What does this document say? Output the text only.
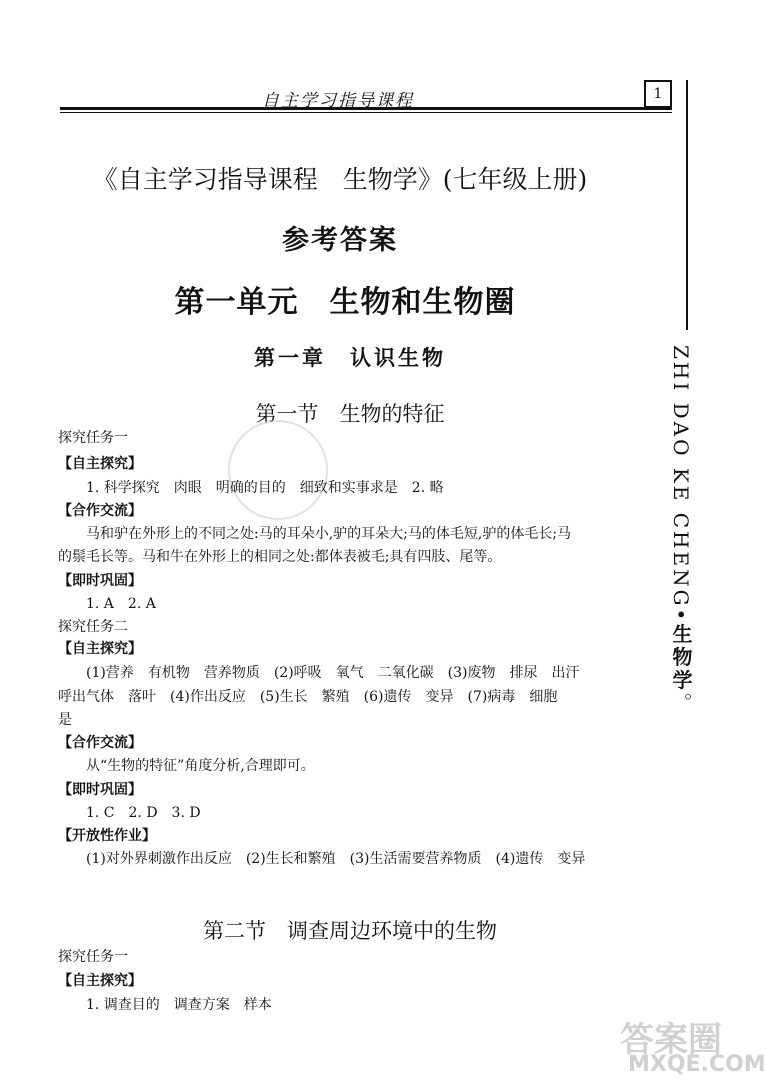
自主学习指导课程	1
《自主学习指导课程　生物学》(七年级上册)
参考答案
第一单元　生物和生物圈
第一章　认识生物
第一节　生物的特征
探究任务一
【自主探究】
1. 科学探究　肉眼　明确的目的　细致和实事求是　2. 略
【合作交流】
马和驴在外形上的不同之处:马的耳朵小,驴的耳朵大;马的体毛短,驴的体毛长;马
的鬃毛长等。马和牛在外形上的相同之处:都体表被毛;具有四肢、尾等。
【即时巩固】
1. A　2. A
探究任务二
【自主探究】
(1)营养　有机物　营养物质　(2)呼吸　氧气　二氧化碳　(3)废物　排尿　出汗
呼出气体　落叶　(4)作出反应　(5)生长　繁殖　(6)遗传　变异　(7)病毒　细胞
是
【合作交流】
从“生物的特征”角度分析,合理即可。
【即时巩固】
1. C　2. D　3. D
【开放性作业】
(1)对外界刺激作出反应　(2)生长和繁殖　(3)生活需要营养物质　(4)遗传　变异
第二节　调查周边环境中的生物
探究任务一
【自主探究】
1. 调查目的　调查方案　样本
ZHI DAO KE CHENG•生物学。
答案圈
MXQE.COM
